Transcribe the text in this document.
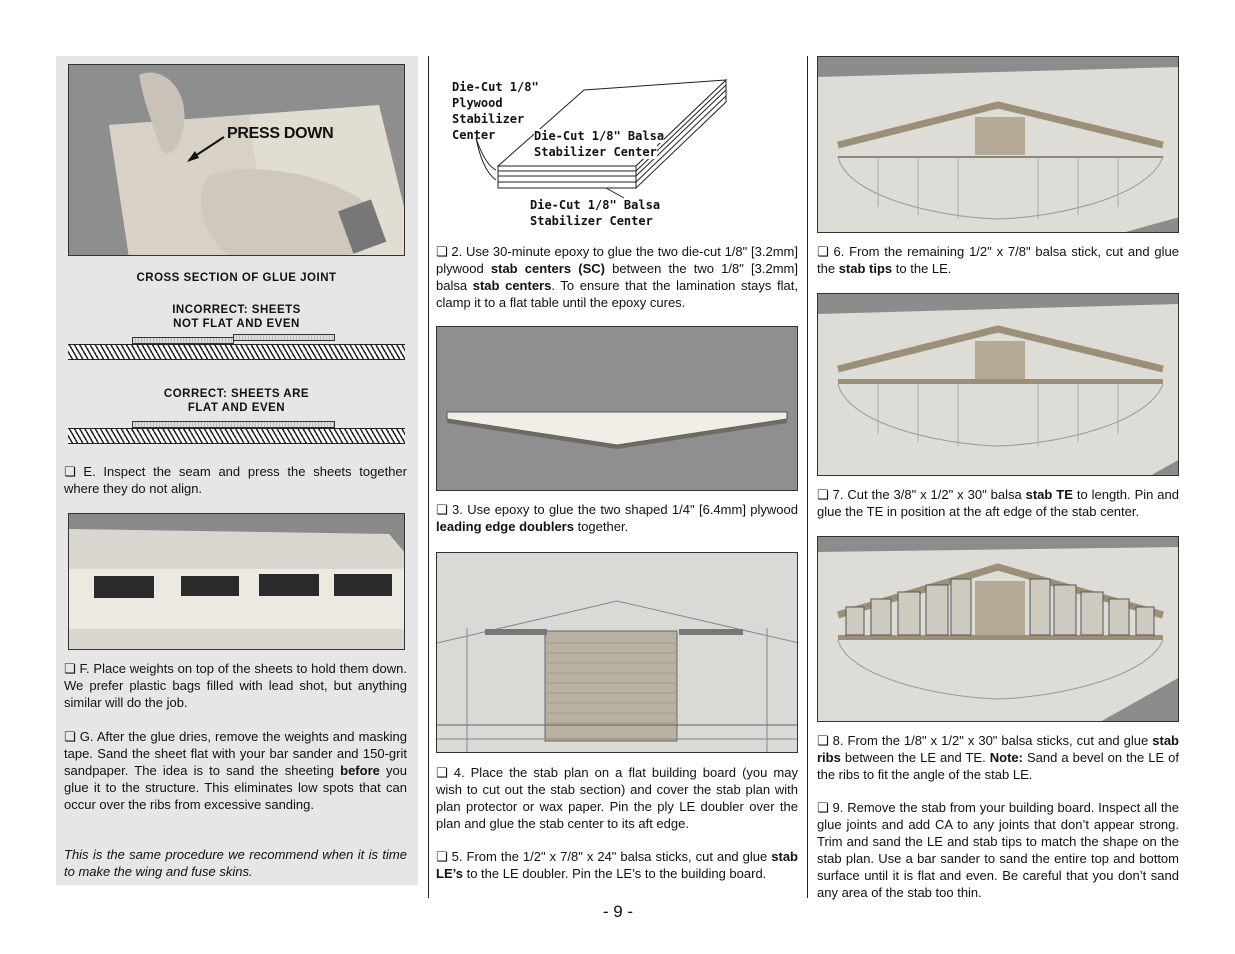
PRESS DOWN
CROSS SECTION OF GLUE JOINT
INCORRECT: SHEETS
NOT FLAT AND EVEN
CORRECT: SHEETS ARE
FLAT AND EVEN

❏ E. Inspect the seam and press the sheets together where they do not align.

❏ F. Place weights on top of the sheets to hold them down. We prefer plastic bags filled with lead shot, but anything similar will do the job.

❏ G. After the glue dries, remove the weights and masking tape. Sand the sheet flat with your bar sander and 150-grit sandpaper. The idea is to sand the sheeting before you glue it to the structure. This eliminates low spots that can occur over the ribs from excessive sanding.

This is the same procedure we recommend when it is time to make the wing and fuse skins.

Die-Cut 1/8"
Plywood
Stabilizer
Center	Die-Cut 1/8" Balsa
Stabilizer Center
Die-Cut 1/8" Balsa
Stabilizer Center

❏ 2. Use 30-minute epoxy to glue the two die-cut 1/8" [3.2mm] plywood stab centers (SC) between the two 1/8" [3.2mm] balsa stab centers. To ensure that the lamination stays flat, clamp it to a flat table until the epoxy cures.

❏ 3. Use epoxy to glue the two shaped 1/4" [6.4mm] plywood leading edge doublers together.

❏ 4. Place the stab plan on a flat building board (you may wish to cut out the stab section) and cover the stab plan with plan protector or wax paper. Pin the ply LE doubler over the plan and glue the stab center to its aft edge.

❏ 5. From the 1/2" x 7/8" x 24" balsa sticks, cut and glue stab LE’s to the LE doubler. Pin the LE’s to the building board.

❏ 6. From the remaining 1/2" x 7/8" balsa stick, cut and glue the stab tips to the LE.

❏ 7. Cut the 3/8" x 1/2" x 30" balsa stab TE to length. Pin and glue the TE in position at the aft edge of the stab center.

❏ 8. From the 1/8" x 1/2" x 30" balsa sticks, cut and glue stab ribs between the LE and TE. Note: Sand a bevel on the LE of the ribs to fit the angle of the stab LE.

❏ 9. Remove the stab from your building board. Inspect all the glue joints and add CA to any joints that don’t appear strong. Trim and sand the LE and stab tips to match the shape on the stab plan. Use a bar sander to sand the entire top and bottom surface until it is flat and even. Be careful that you don’t sand any area of the stab too thin.

- 9 -
